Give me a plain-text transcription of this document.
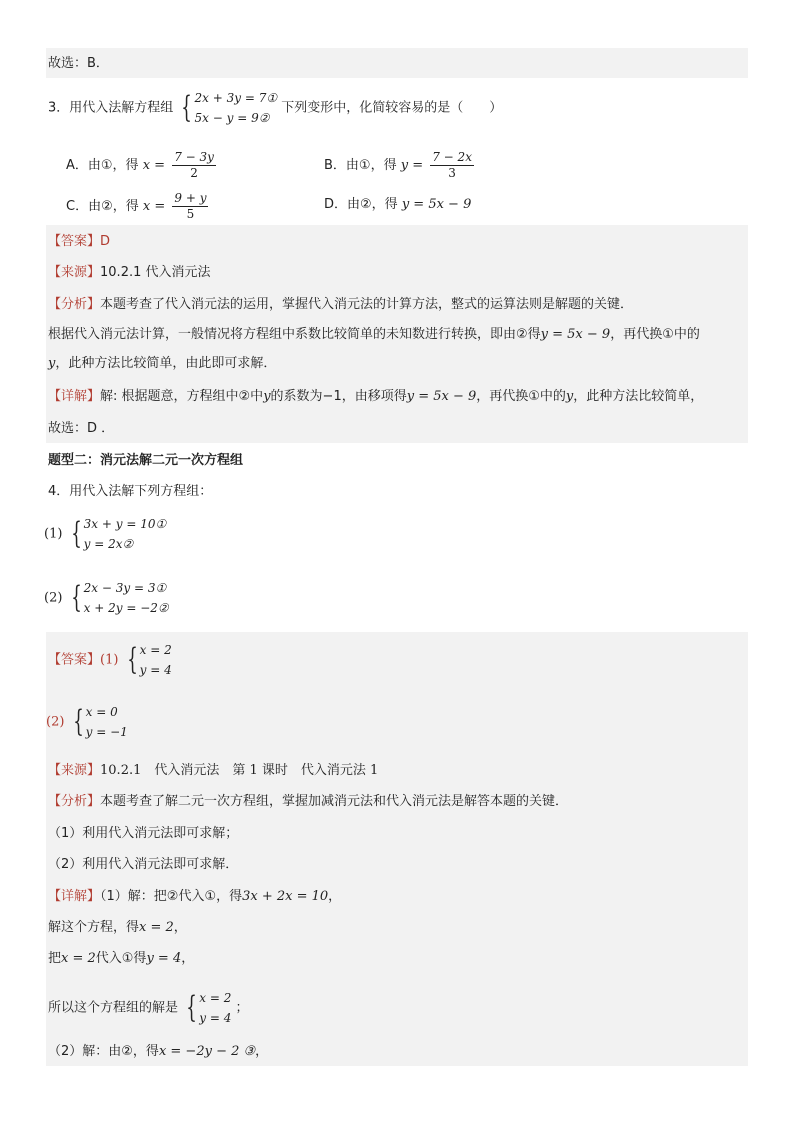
故选：B．
3．用代入法解方程组 { 2x + 3y = 7①
5x − y = 9②
下列变形中，化简较容易的是（　　）
A．由①，得 $x = \frac{7 - 3y}{2}$	B．由①，得 $y = \frac{7 - 2x}{3}$
C．由②，得 $x = \frac{9 + y}{5}$	D．由②，得 y = 5x − 9
【答案】D
【来源】10.2.1 代入消元法
【分析】本题考查了代入消元法的运用，掌握代入消元法的计算方法，整式的运算法则是解题的关键．
根据代入消元法计算，一般情况将方程组中系数比较简单的未知数进行转换，即由②得y = 5x − 9，再代换①中的
y，此种方法比较简单，由此即可求解．
【详解】解: 根据题意，方程组中②中y的系数为−1，由移项得y = 5x − 9，再代换①中的y，此种方法比较简单，
故选：D ．
题型二：消元法解二元一次方程组
4．用代入法解下列方程组：
(1) { 3x + y = 10①
y = 2x②
(2) { 2x − 3y = 3①
x + 2y = −2②
【答案】(1) { x = 2
y = 4
(2) { x = 0
y = −1
【来源】10.2.1　代入消元法　第 1 课时　代入消元法 1
【分析】本题考查了解二元一次方程组，掌握加减消元法和代入消元法是解答本题的关键．
（1）利用代入消元法即可求解；
（2）利用代入消元法即可求解．
【详解】（1）解：把②代入①，得3x + 2x = 10，
解这个方程，得x = 2，
把x = 2代入①得y = 4，
所以这个方程组的解是 { x = 2
y = 4
；
（2）解：由②，得x = −2y − 2 ③，
